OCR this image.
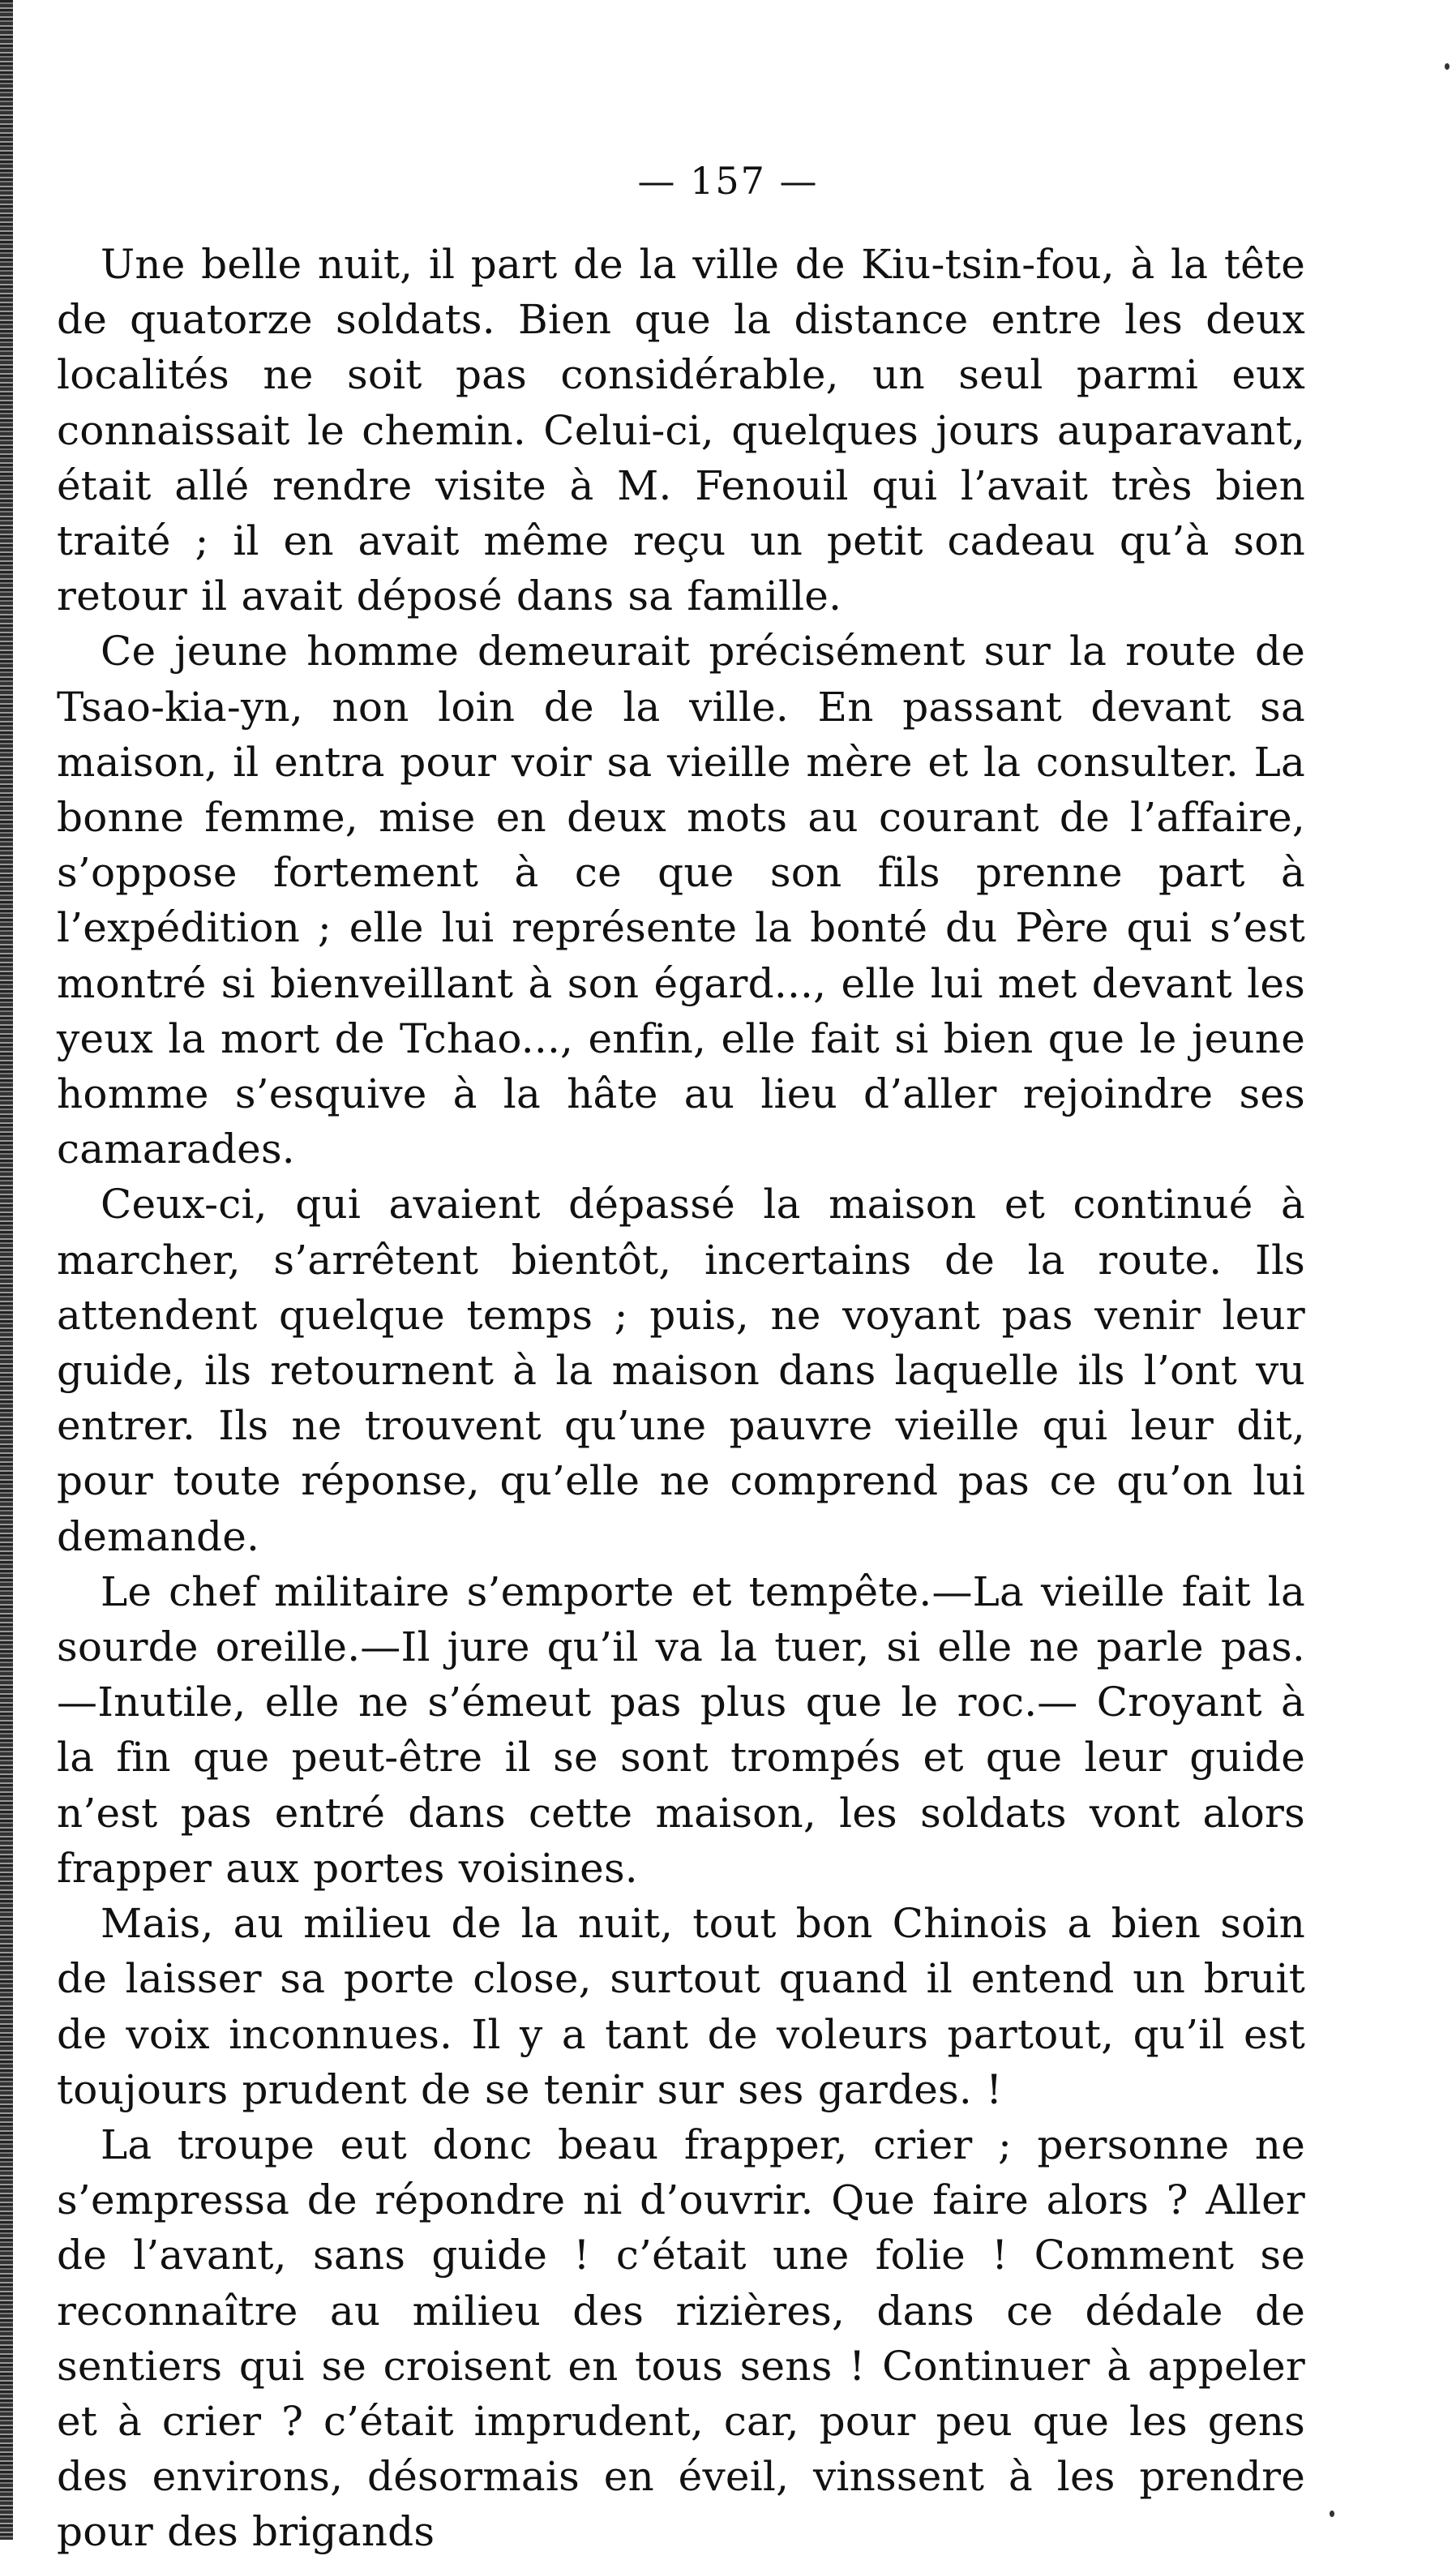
— 157 —

Une belle nuit, il part de la ville de Kiu-tsin-fou, à la tête de quatorze soldats. Bien que la distance entre les deux localités ne soit pas considérable, un seul parmi eux connaissait le chemin. Celui-ci, quelques jours auparavant, était allé rendre visite à M. Fenouil qui l’avait très bien traité ; il en avait même reçu un petit cadeau qu’à son retour il avait déposé dans sa famille.

Ce jeune homme demeurait précisément sur la route de Tsao-kia-yn, non loin de la ville. En passant devant sa maison, il entra pour voir sa vieille mère et la consulter. La bonne femme, mise en deux mots au courant de l’affaire, s’oppose fortement à ce que son fils prenne part à l’expédition ; elle lui représente la bonté du Père qui s’est montré si bienveillant à son égard..., elle lui met devant les yeux la mort de Tchao..., enfin, elle fait si bien que le jeune homme s’esquive à la hâte au lieu d’aller rejoindre ses camarades.

Ceux-ci, qui avaient dépassé la maison et continué à marcher, s’arrêtent bientôt, incertains de la route. Ils attendent quelque temps ; puis, ne voyant pas venir leur guide, ils retournent à la maison dans laquelle ils l’ont vu entrer. Ils ne trouvent qu’une pauvre vieille qui leur dit, pour toute réponse, qu’elle ne comprend pas ce qu’on lui demande.

Le chef militaire s’emporte et tempête.—La vieille fait la sourde oreille.—Il jure qu’il va la tuer, si elle ne parle pas. —Inutile, elle ne s’émeut pas plus que le roc.— Croyant à la fin que peut-être il se sont trompés et que leur guide n’est pas entré dans cette maison, les soldats vont alors frapper aux portes voisines.

Mais, au milieu de la nuit, tout bon Chinois a bien soin de laisser sa porte close, surtout quand il entend un bruit de voix inconnues. Il y a tant de voleurs partout, qu’il est toujours prudent de se tenir sur ses gardes. !

La troupe eut donc beau frapper, crier ; personne ne s’empressa de répondre ni d’ouvrir. Que faire alors ? Aller de l’avant, sans guide ! c’était une folie ! Comment se reconnaître au milieu des rizières, dans ce dédale de sentiers qui se croisent en tous sens ! Continuer à appeler et à crier ? c’était imprudent, car, pour peu que les gens des environs, désormais en éveil, vinssent à les prendre pour des brigands
